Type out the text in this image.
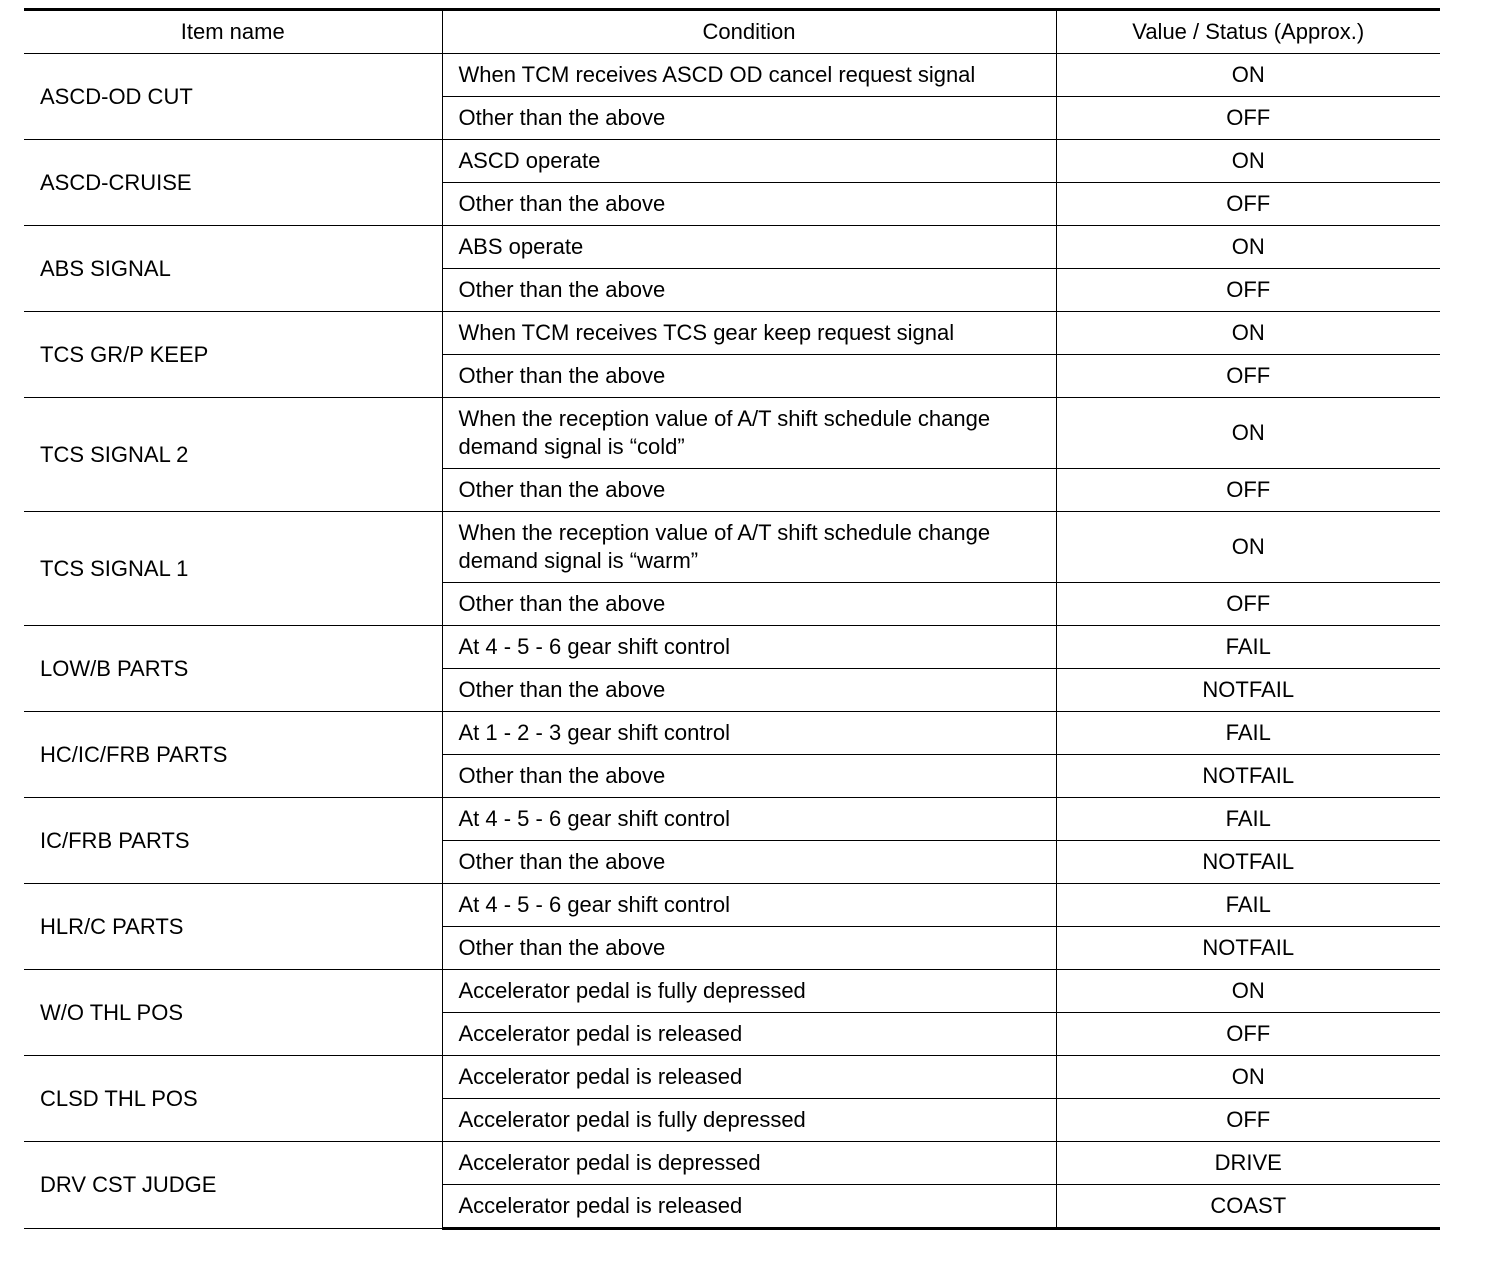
Item name	Condition	Value / Status (Approx.)
ASCD-OD CUT	When TCM receives ASCD OD cancel request signal	ON
	Other than the above	OFF
ASCD-CRUISE	ASCD operate	ON
	Other than the above	OFF
ABS SIGNAL	ABS operate	ON
	Other than the above	OFF
TCS GR/P KEEP	When TCM receives TCS gear keep request signal	ON
	Other than the above	OFF
TCS SIGNAL 2	When the reception value of A/T shift schedule change demand signal is “cold”	ON
	Other than the above	OFF
TCS SIGNAL 1	When the reception value of A/T shift schedule change demand signal is “warm”	ON
	Other than the above	OFF
LOW/B PARTS	At 4 - 5 - 6 gear shift control	FAIL
	Other than the above	NOTFAIL
HC/IC/FRB PARTS	At 1 - 2 - 3 gear shift control	FAIL
	Other than the above	NOTFAIL
IC/FRB PARTS	At 4 - 5 - 6 gear shift control	FAIL
	Other than the above	NOTFAIL
HLR/C PARTS	At 4 - 5 - 6 gear shift control	FAIL
	Other than the above	NOTFAIL
W/O THL POS	Accelerator pedal is fully depressed	ON
	Accelerator pedal is released	OFF
CLSD THL POS	Accelerator pedal is released	ON
	Accelerator pedal is fully depressed	OFF
DRV CST JUDGE	Accelerator pedal is depressed	DRIVE
	Accelerator pedal is released	COAST
